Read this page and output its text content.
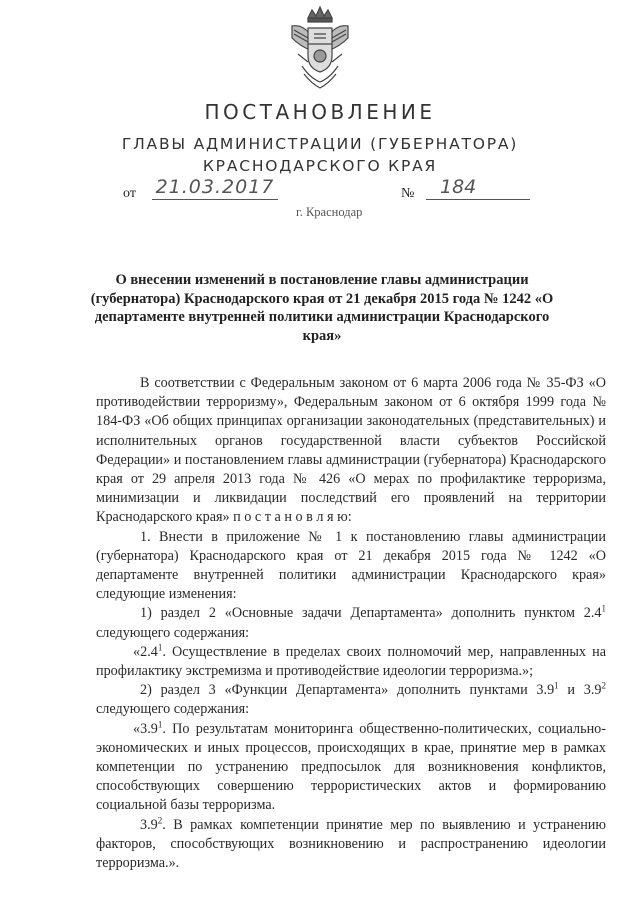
ПОСТАНОВЛЕНИЕ
ГЛАВЫ АДМИНИСТРАЦИИ (ГУБЕРНАТОРА)
КРАСНОДАРСКОГО КРАЯ
от 21.03.2017	№	184
г. Краснодар
О внесении изменений в постановление главы администрации (губернатора) Краснодарского края от 21 декабря 2015 года № 1242 «О департаменте внутренней политики администрации Краснодарского края»

В соответствии с Федеральным законом от 6 марта 2006 года № 35-ФЗ «О противодействии терроризму», Федеральным законом от 6 октября 1999 года № 184-ФЗ «Об общих принципах организации законодательных (представительных) и исполнительных органов государственной власти субъектов Российской Федерации» и постановлением главы администрации (губернатора) Краснодарского края от 29 апреля 2013 года № 426 «О мерах по профилактике терроризма, минимизации и ликвидации последствий его проявлений на территории Краснодарского края» п о с т а н о в л я ю:

1. Внести в приложение № 1 к постановлению главы администрации (губернатора) Краснодарского края от 21 декабря 2015 года № 1242 «О департаменте внутренней политики администрации Краснодарского края» следующие изменения:

1) раздел 2 «Основные задачи Департамента» дополнить пунктом $2.4^1$ следующего содержания:

«$2.4^1$. Осуществление в пределах своих полномочий мер, направленных на профилактику экстремизма и противодействие идеологии терроризма.»;

2) раздел 3 «Функции Департамента» дополнить пунктами $3.9^1$ и $3.9^2$ следующего содержания:

«$3.9^1$. По результатам мониторинга общественно-политических, социально-экономических и иных процессов, происходящих в крае, принятие мер в рамках компетенции по устранению предпосылок для возникновения конфликтов, способствующих совершению террористических актов и формированию социальной базы терроризма.

$3.9^2$. В рамках компетенции принятие мер по выявлению и устранению факторов, способствующих возникновению и распространению идеологии терроризма.».
